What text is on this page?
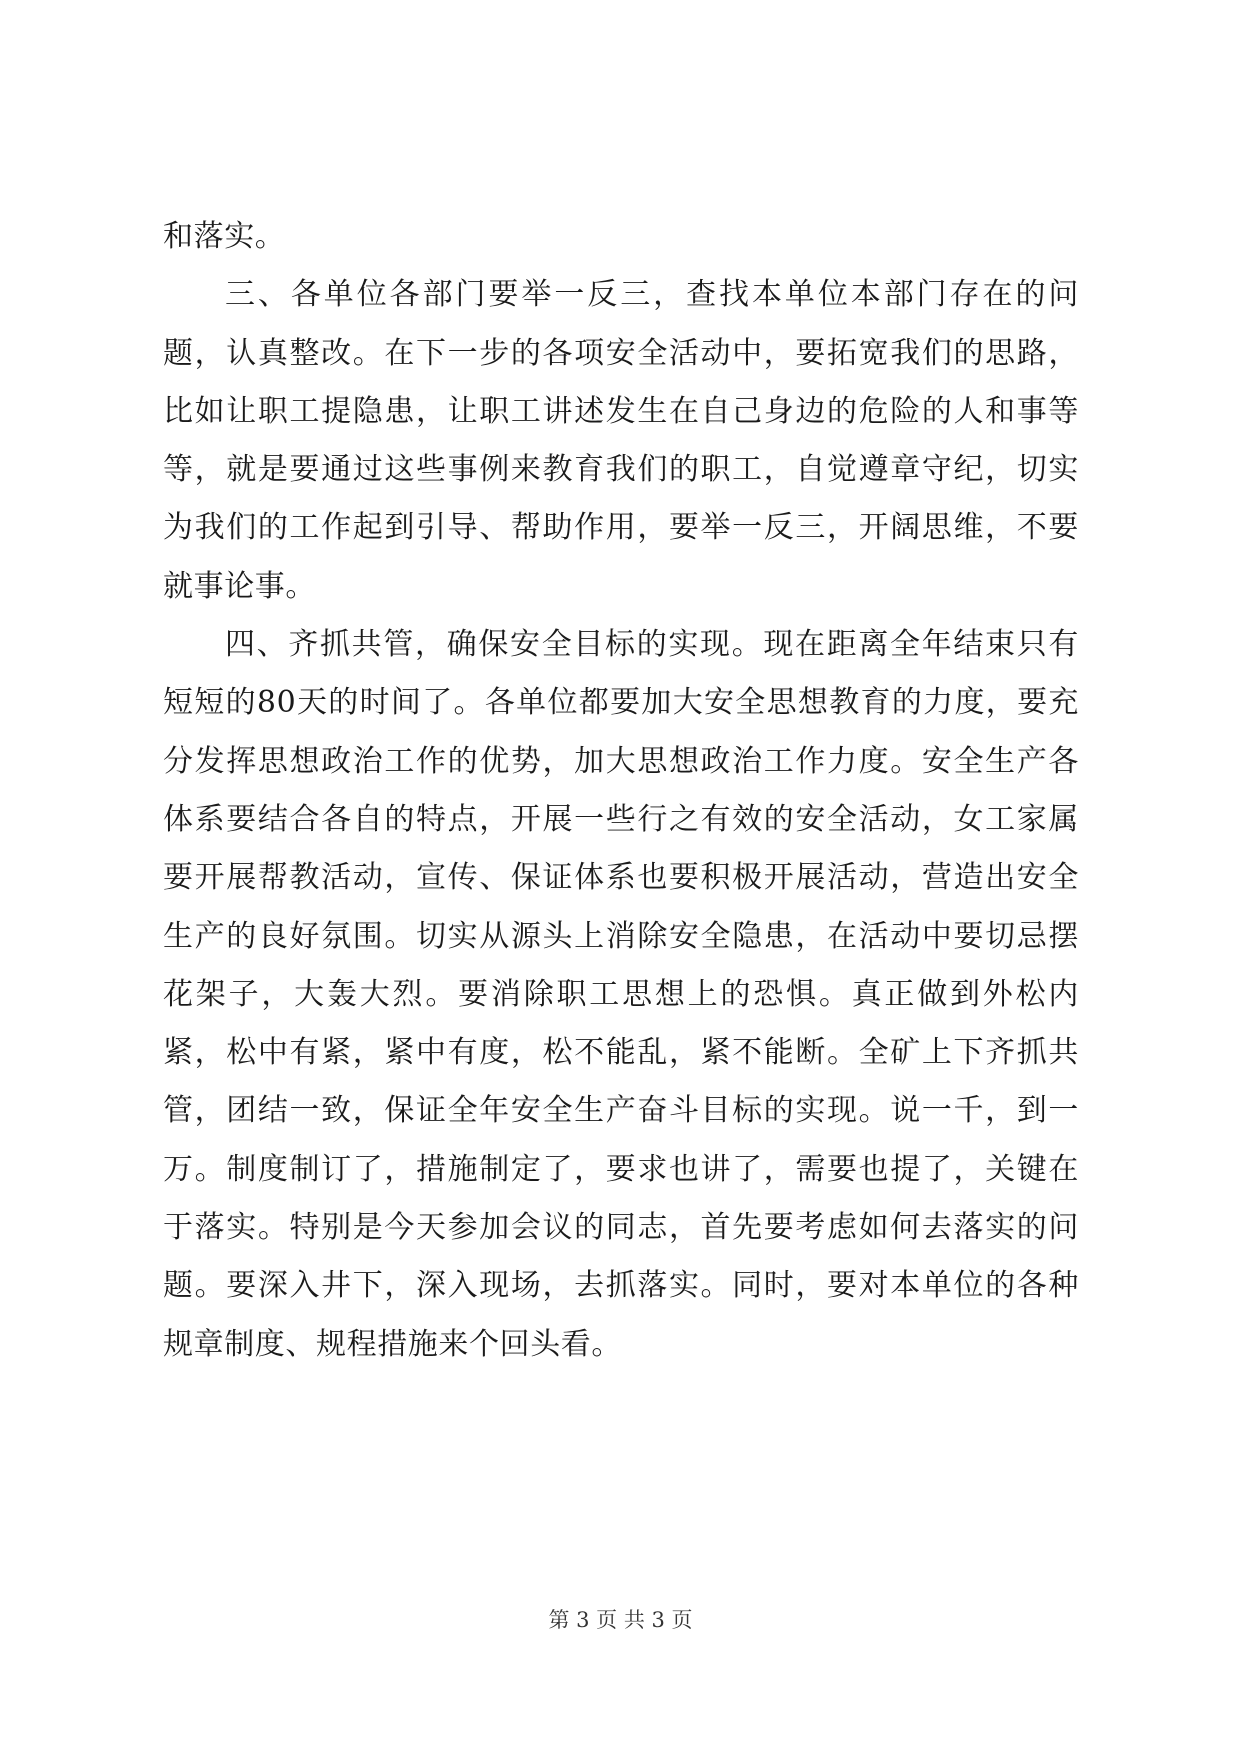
和落实。

三、各单位各部门要举一反三，查找本单位本部门存在的问题，认真整改。在下一步的各项安全活动中，要拓宽我们的思路，比如让职工提隐患，让职工讲述发生在自己身边的危险的人和事等等，就是要通过这些事例来教育我们的职工，自觉遵章守纪，切实为我们的工作起到引导、帮助作用，要举一反三，开阔思维，不要就事论事。

四、齐抓共管，确保安全目标的实现。现在距离全年结束只有短短的80天的时间了。各单位都要加大安全思想教育的力度，要充分发挥思想政治工作的优势，加大思想政治工作力度。安全生产各体系要结合各自的特点，开展一些行之有效的安全活动，女工家属要开展帮教活动，宣传、保证体系也要积极开展活动，营造出安全生产的良好氛围。切实从源头上消除安全隐患，在活动中要切忌摆花架子，大轰大烈。要消除职工思想上的恐惧。真正做到外松内紧，松中有紧，紧中有度，松不能乱，紧不能断。全矿上下齐抓共管，团结一致，保证全年安全生产奋斗目标的实现。说一千，到一万。制度制订了，措施制定了，要求也讲了，需要也提了，关键在于落实。特别是今天参加会议的同志，首先要考虑如何去落实的问题。要深入井下，深入现场，去抓落实。同时，要对本单位的各种规章制度、规程措施来个回头看。

第 3 页 共 3 页
